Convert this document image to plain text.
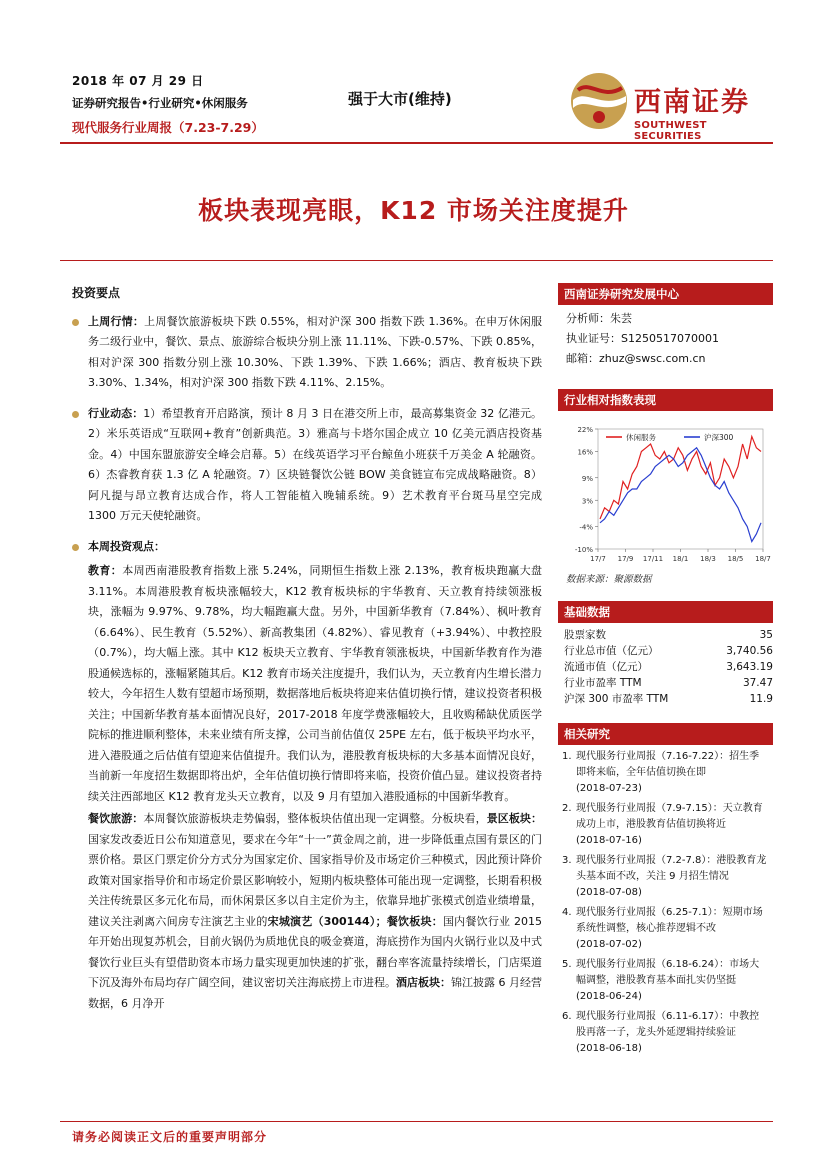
2018 年 07 月 29 日
证券研究报告•行业研究•休闲服务
现代服务行业周报（7.23-7.29）
强于大市(维持)	西南证券
SOUTHWEST SECURITIES
板块表现亮眼，K12 市场关注度提升
投资要点
上周行情：上周餐饮旅游板块下跌 0.55%，相对沪深 300 指数下跌 1.36%。在申万休闲服务二级行业中，餐饮、景点、旅游综合板块分别上涨 11.11%、下跌-0.57%、下跌 0.85%，相对沪深 300 指数分别上涨 10.30%、下跌 1.39%、下跌 1.66%；酒店、教育板块下跌 3.30%、1.34%，相对沪深 300 指数下跌 4.11%、2.15%。
行业动态：1）希望教育开启路演，预计 8 月 3 日在港交所上市，最高募集资金 32 亿港元。2）米乐英语成“互联网+教育”创新典范。3）雅高与卡塔尔国企成立 10 亿美元酒店投资基金。4）中国东盟旅游安全峰会启幕。5）在线英语学习平台鲸鱼小班获千万美金 A 轮融资。6）杰睿教育获 1.3 亿 A 轮融资。7）区块链餐饮公链 BOW 美食链宣布完成战略融资。8）阿凡提与昂立教育达成合作，将人工智能植入晚辅系统。9）艺术教育平台斑马星空完成 1300 万元天使轮融资。
本周投资观点：
教育：本周西南港股教育指数上涨 5.24%，同期恒生指数上涨 2.13%，教育板块跑赢大盘 3.11%。本周港股教育板块涨幅较大，K12 教育板块标的宇华教育、天立教育持续领涨板块，涨幅为 9.97%、9.78%，均大幅跑赢大盘。另外，中国新华教育（7.84%）、枫叶教育（6.64%）、民生教育（5.52%）、新高教集团（4.82%）、睿见教育（+3.94%）、中教控股（0.7%），均大幅上涨。其中 K12 板块天立教育、宇华教育领涨板块，中国新华教育作为港股通候选标的，涨幅紧随其后。K12 教育市场关注度提升，我们认为，天立教育内生增长潜力较大，今年招生人数有望超市场预期，数据落地后板块将迎来估值切换行情，建议投资者积极关注；中国新华教育基本面情况良好，2017-2018 年度学费涨幅较大，且收购稀缺优质医学院标的推进顺利整体，未来业绩有所支撑，公司当前估值仅 25PE 左右，低于板块平均水平，进入港股通之后估值有望迎来估值提升。我们认为，港股教育板块标的大多基本面情况良好，当前新一年度招生数据即将出炉，全年估值切换行情即将来临，投资价值凸显。建议投资者持续关注西部地区 K12 教育龙头天立教育，以及 9 月有望加入港股通标的中国新华教育。
餐饮旅游：本周餐饮旅游板块走势偏弱，整体板块估值出现一定调整。分板块看，景区板块：国家发改委近日公布知道意见，要求在今年“十一”黄金周之前，进一步降低重点国有景区的门票价格。景区门票定价分方式分为国家定价、国家指导价及市场定价三种模式，因此预计降价政策对国家指导价和市场定价景区影响较小，短期内板块整体可能出现一定调整，长期看积极关注传统景区多元化布局，而休闲景区多以自主定价为主，依靠异地扩张模式创造业绩增量，建议关注剥离六间房专注演艺主业的宋城演艺（300144）；餐饮板块：国内餐饮行业 2015 年开始出现复苏机会，目前火锅仍为质地优良的吸金赛道，海底捞作为国内火锅行业以及中式餐饮行业巨头有望借助资本市场力量实现更加快速的扩张，翻台率客流量持续增长，门店渠道下沉及海外布局均存广阔空间，建议密切关注海底捞上市进程。酒店板块：锦江披露 6 月经营数据，6 月净开
西南证券研究发展中心
分析师：朱芸
执业证号：S1250517070001
邮箱：zhuz@swsc.com.cn
行业相对指数表现
22%
16%
9%
3%
-4%
-10%
17/7 17/9 17/11 18/1 18/3 18/5 18/7
休闲服务	沪深300
数据来源：聚源数据
基础数据
股票家数	35
行业总市值（亿元）	3,740.56
流通市值（亿元）	3,643.19
行业市盈率 TTM	37.47
沪深 300 市盈率 TTM	11.9
相关研究
1. 现代服务行业周报（7.16-7.22）：招生季即将来临，全年估值切换在即
(2018-07-23)
2. 现代服务行业周报（7.9-7.15）：天立教育成功上市，港股教育估值切换将近
(2018-07-16)
3. 现代服务行业周报（7.2-7.8）：港股教育龙头基本面不改，关注 9 月招生情况
(2018-07-08)
4. 现代服务行业周报（6.25-7.1）：短期市场系统性调整，核心推荐逻辑不改
(2018-07-02)
5. 现代服务行业周报（6.18-6.24）：市场大幅调整，港股教育基本面扎实仍坚挺
(2018-06-24)
6. 现代服务行业周报（6.11-6.17）：中教控股再落一子，龙头外延逻辑持续验证
(2018-06-18)
请务必阅读正文后的重要声明部分
